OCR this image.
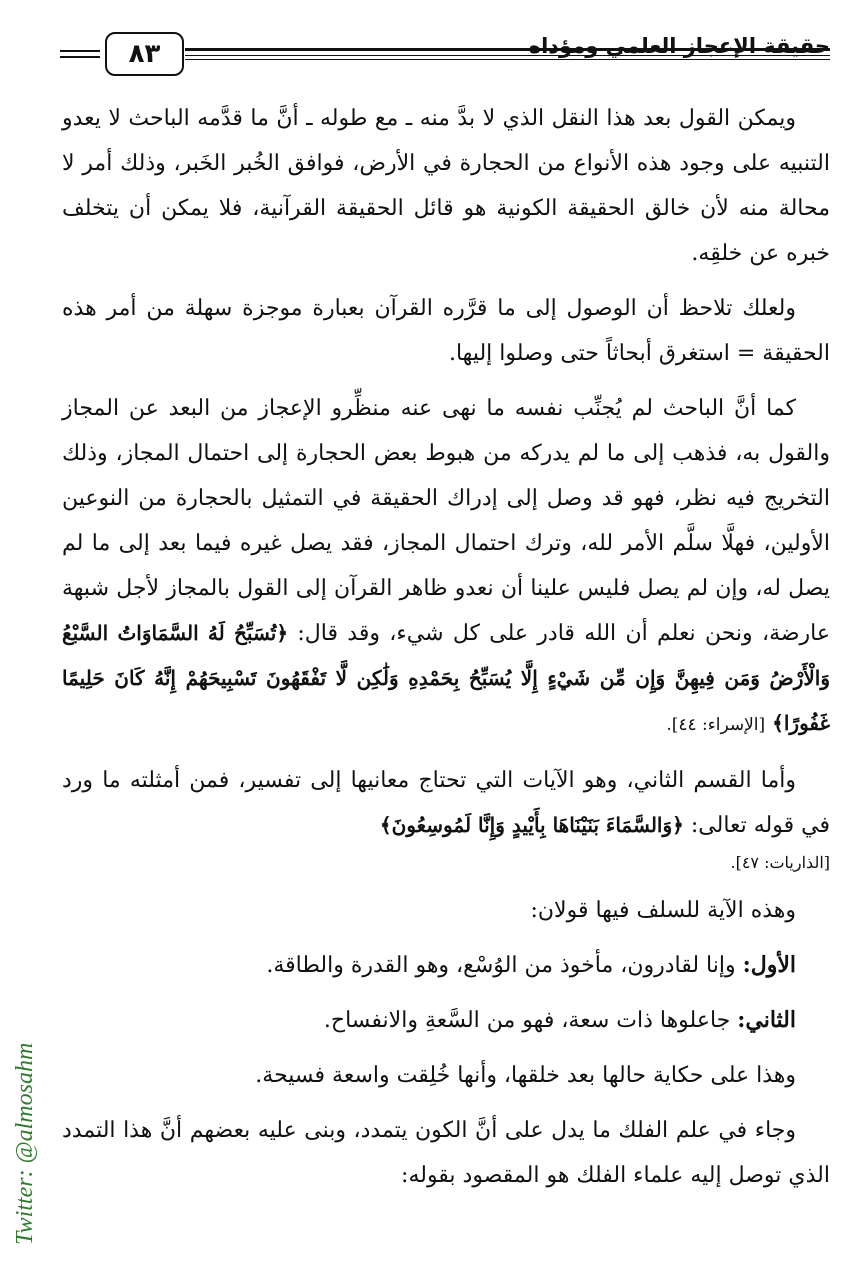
٨٣	حقيقة الإعجاز العلمي ومؤداه

ويمكن القول بعد هذا النقل الذي لا بدَّ منه ـ مع طوله ـ أنَّ ما قدَّمه الباحث لا يعدو التنبيه على وجود هذه الأنواع من الحجارة في الأرض، فوافق الخُبر الخَبر، وذلك أمر لا محالة منه لأن خالق الحقيقة الكونية هو قائل الحقيقة القرآنية، فلا يمكن أن يتخلف خبره عن خلقِه.

ولعلك تلاحظ أن الوصول إلى ما قرَّره القرآن بعبارة موجزة سهلة من أمر هذه الحقيقة = استغرق أبحاثاً حتى وصلوا إليها.

كما أنَّ الباحث لم يُجنِّب نفسه ما نهى عنه منظِّرو الإعجاز من البعد عن المجاز والقول به، فذهب إلى ما لم يدركه من هبوط بعض الحجارة إلى احتمال المجاز، وذلك التخريج فيه نظر، فهو قد وصل إلى إدراك الحقيقة في التمثيل بالحجارة من النوعين الأولين، فهلَّا سلَّم الأمر لله، وترك احتمال المجاز، فقد يصل غيره فيما بعد إلى ما لم يصل له، وإن لم يصل فليس علينا أن نعدو ظاهر القرآن إلى القول بالمجاز لأجل شبهة عارضة، ونحن نعلم أن الله قادر على كل شيء، وقد قال: ﴿تُسَبِّحُ لَهُ السَّمَاوَاتُ السَّبْعُ وَالْأَرْضُ وَمَن فِيهِنَّ وَإِن مِّن شَيْءٍ إِلَّا يُسَبِّحُ بِحَمْدِهِ وَلَٰكِن لَّا تَفْقَهُونَ تَسْبِيحَهُمْ إِنَّهُ كَانَ حَلِيمًا غَفُورًا﴾ [الإسراء: ٤٤].

وأما القسم الثاني، وهو الآيات التي تحتاج معانيها إلى تفسير، فمن أمثلته ما ورد في قوله تعالى: ﴿وَالسَّمَاءَ بَنَيْنَاهَا بِأَيْيدٍ وَإِنَّا لَمُوسِعُونَ﴾

[الذاريات: ٤٧].

وهذه الآية للسلف فيها قولان:

الأول: وإنا لقادرون، مأخوذ من الوُسْع، وهو القدرة والطاقة.

الثاني: جاعلوها ذات سعة، فهو من السَّعةِ والانفساح.

وهذا على حكاية حالها بعد خلقها، وأنها خُلِقت واسعة فسيحة.

وجاء في علم الفلك ما يدل على أنَّ الكون يتمدد، وبنى عليه بعضهم أنَّ هذا التمدد الذي توصل إليه علماء الفلك هو المقصود بقوله:

Twitter: @almosahm
